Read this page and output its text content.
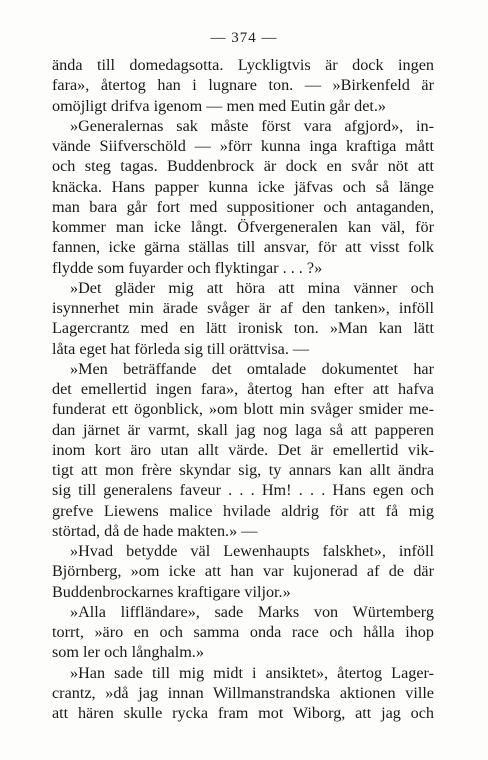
— 374 —
ända till domedagsotta. Lyckligtvis är dock ingen
fara», återtog han i lugnare ton. — »Birkenfeld är
omöjligt drifva igenom — men med Eutin går det.»
»Generalernas sak måste först vara afgjord», in-
vände Siifverschöld — »förr kunna inga kraftiga mått
och steg tagas. Buddenbrock är dock en svår nöt att
knäcka. Hans papper kunna icke jäfvas och så länge
man bara går fort med suppositioner och antaganden,
kommer man icke långt. Öfvergeneralen kan väl, för
fannen, icke gärna ställas till ansvar, för att visst folk
flydde som fuyarder och flyktingar . . . ?»
»Det gläder mig att höra att mina vänner och
isynnerhet min ärade svåger är af den tanken», inföll
Lagercrantz med en lätt ironisk ton. »Man kan lätt
låta eget hat förleda sig till orättvisa. —
»Men beträffande det omtalade dokumentet har
det emellertid ingen fara», återtog han efter att hafva
funderat ett ögonblick, »om blott min svåger smider me-
dan järnet är varmt, skall jag nog laga så att papperen
inom kort äro utan allt värde. Det är emellertid vik-
tigt att mon frère skyndar sig, ty annars kan allt ändra
sig till generalens faveur . . . Hm! . . . Hans egen och
grefve Liewens malice hvilade aldrig för att få mig
störtad, då de hade makten.» —
»Hvad betydde väl Lewenhaupts falskhet», inföll
Björnberg, »om icke att han var kujonerad af de där
Buddenbrockarnes kraftigare viljor.»
»Alla liffländare», sade Marks von Würtemberg
torrt, »äro en och samma onda race och hålla ihop
som ler och långhalm.»
»Han sade till mig midt i ansiktet», återtog Lager-
crantz, »då jag innan Willmanstrandska aktionen ville
att hären skulle rycka fram mot Wiborg, att jag och
